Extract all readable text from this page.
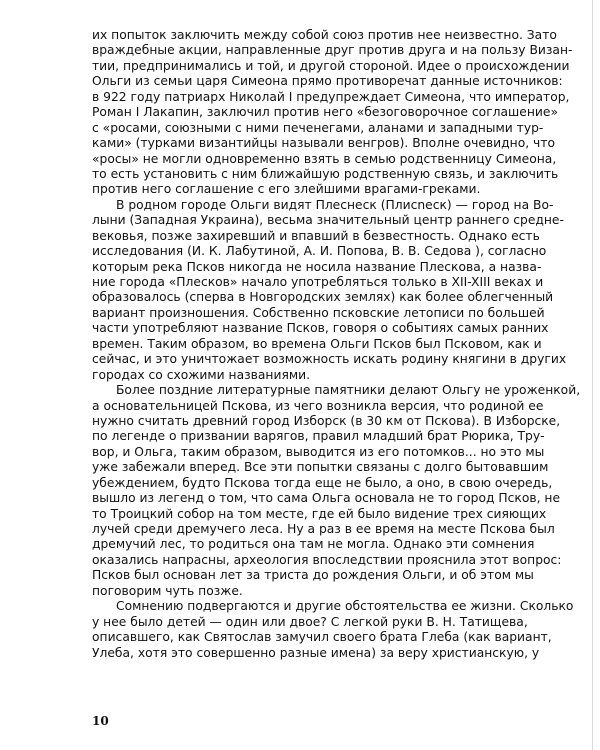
их попыток заключить между собой союз против нее неизвестно. Зато
враждебные акции, направленные друг против друга и на пользу Визан-
тии, предпринимались и той, и другой стороной. Идее о происхождении
Ольги из семьи царя Симеона прямо противоречат данные источников:
в 922 году патриарх Николай I предупреждает Симеона, что император,
Роман I Лакапин, заключил против него «безоговорочное соглашение»
с «росами, союзными с ними печенегами, аланами и западными тур-
ками» (турками византийцы называли венгров). Вполне очевидно, что
«росы» не могли одновременно взять в семью родственницу Симеона,
то есть установить с ним ближайшую родственную связь, и заключить
против него соглашение с его злейшими врагами-греками.
В родном городе Ольги видят Плеснеск (Плисneск) — город на Во-
лыни (Западная Украина), весьма значительный центр раннего средне-
вековья, позже захиревший и впавший в безвестность. Однако есть
исследования (И. К. Лабутиной, А. И. Попова, В. В. Седова ), согласно
которым река Псков никогда не носила название Плескова, а назва-
ние города «Плесков» начало употребляться только в XII-XIII веках и
образовалось (сперва в Новгородских землях) как более облегченный
вариант произношения. Собственно псковские летописи по большей
части употребляют название Псков, говоря о событиях самых ранних
времен. Таким образом, во времена Ольги Псков был Псковом, как и
сейчас, и это уничтожает возможность искать родину княгини в других
городах со схожими названиями.
Более поздние литературные памятники делают Ольгу не уроженкой,
а основательницей Пскова, из чего возникла версия, что родиной ее
нужно считать древний город Изборск (в 30 км от Пскова). В Изборске,
по легенде о призвании варягов, правил младший брат Рюрика, Тру-
вор, и Ольга, таким образом, выводится из его потомков... но это мы
уже забежали вперед. Все эти попытки связаны с долго бытовавшим
убеждением, будто Пскова тогда еще не было, а оно, в свою очередь,
вышло из легенд о том, что сама Ольга основала не то город Псков, не
то Троицкий собор на том месте, где ей было видение трех сияющих
лучей среди дремучего леса. Ну а раз в ее время на месте Пскова был
дремучий лес, то родиться она там не могла. Однако эти сомнения
оказались напрасны, археология впоследствии прояснила этот вопрос:
Псков был основан лет за триста до рождения Ольги, и об этом мы
поговорим чуть позже.
Сомнению подвергаются и другие обстоятельства ее жизни. Сколько
у нее было детей — один или двое? С легкой руки В. Н. Татищева,
описавшего, как Святослав замучил своего брата Глеба (как вариант,
Улеба, хотя это совершенно разные имена) за веру христианскую, у
10
